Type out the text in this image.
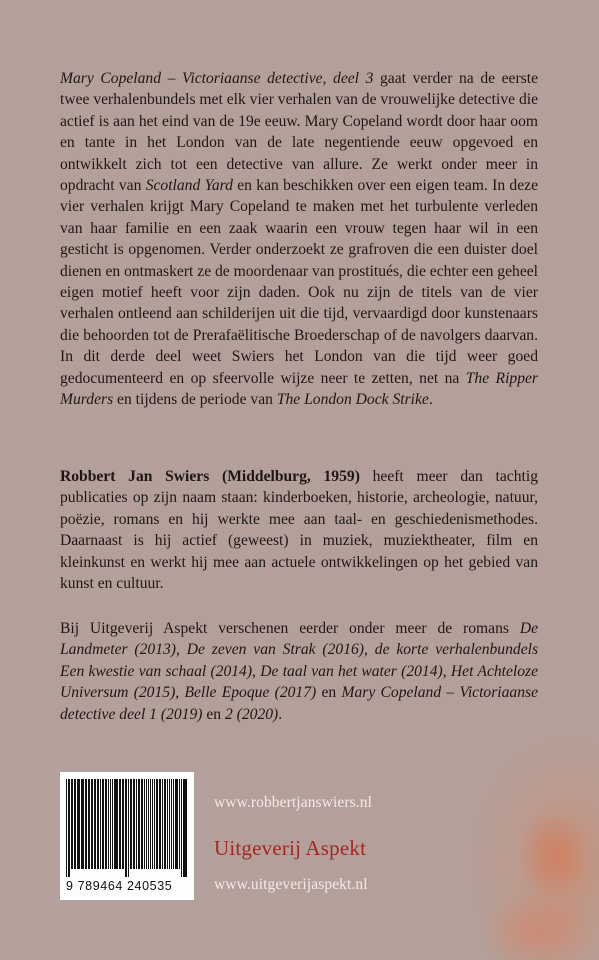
Mary Copeland – Victoriaanse detective, deel 3 gaat verder na de eerste twee verhalenbundels met elk vier verhalen van de vrouwelijke detective die actief is aan het eind van de 19e eeuw. Mary Copeland wordt door haar oom en tante in het London van de late negentiende eeuw opgevoed en ontwikkelt zich tot een detective van allure. Ze werkt onder meer in opdracht van Scotland Yard en kan beschikken over een eigen team. In deze vier verhalen krijgt Mary Copeland te maken met het turbulente verleden van haar familie en een zaak waarin een vrouw tegen haar wil in een gesticht is opgenomen. Verder onderzoekt ze grafroven die een duister doel dienen en ontmaskert ze de moordenaar van prostitués, die echter een geheel eigen motief heeft voor zijn daden. Ook nu zijn de titels van de vier verhalen ontleend aan schilderijen uit die tijd, vervaardigd door kunstenaars die behoorden tot de Prerafaëlitische Broederschap of de navolgers daarvan. In dit derde deel weet Swiers het London van die tijd weer goed gedocumenteerd en op sfeervolle wijze neer te zetten, net na The Ripper Murders en tijdens de periode van The London Dock Strike.
Robbert Jan Swiers (Middelburg, 1959) heeft meer dan tachtig publicaties op zijn naam staan: kinderboeken, historie, archeologie, natuur, poëzie, romans en hij werkte mee aan taal- en geschiedenismethodes. Daarnaast is hij actief (geweest) in muziek, muziektheater, film en kleinkunst en werkt hij mee aan actuele ontwikkelingen op het gebied van kunst en cultuur.
Bij Uitgeverij Aspekt verschenen eerder onder meer de romans De Landmeter (2013), De zeven van Strak (2016), de korte verhalenbundels Een kwestie van schaal (2014), De taal van het water (2014), Het Achteloze Universum (2015), Belle Epoque (2017) en Mary Copeland – Victoriaanse detective deel 1 (2019) en 2 (2020).
9 789464 240535
www.robbertjanswiers.nl
Uitgeverij Aspekt
www.uitgeverijaspekt.nl
